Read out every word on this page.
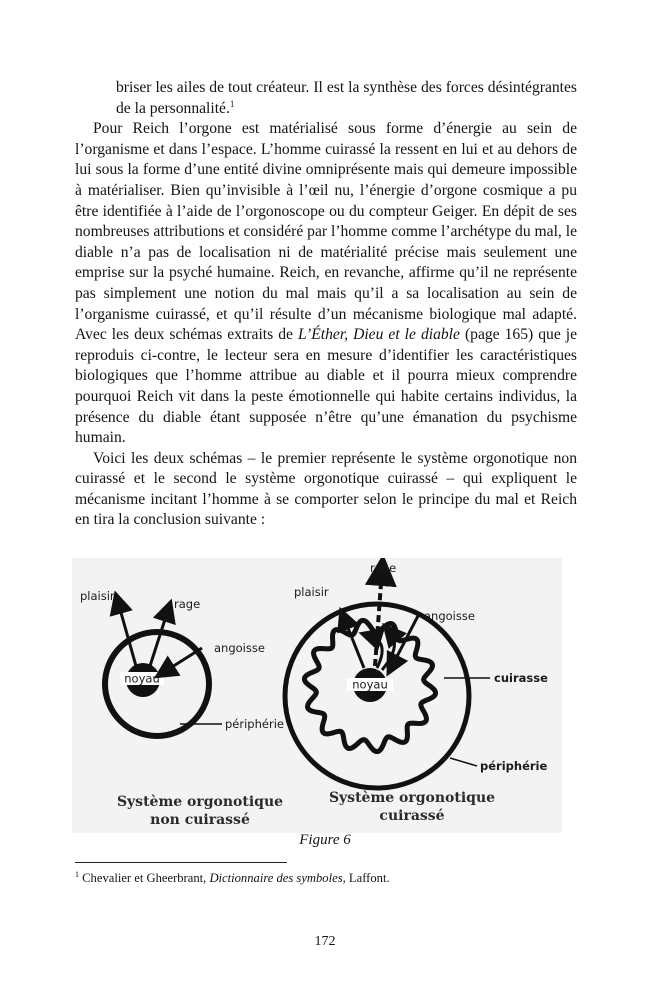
briser les ailes de tout créateur. Il est la synthèse des forces désintégrantes de la personnalité.$^1$

Pour Reich l’orgone est matérialisé sous forme d’énergie au sein de l’organisme et dans l’espace. L’homme cuirassé la ressent en lui et au dehors de lui sous la forme d’une entité divine omniprésente mais qui demeure impossible à matérialiser. Bien qu’invisible à l’œil nu, l’énergie d’orgone cosmique a pu être identifiée à l’aide de l’orgonoscope ou du compteur Geiger. En dépit de ses nombreuses attributions et considéré par l’homme comme l’archétype du mal, le diable n’a pas de localisation ni de matérialité précise mais seulement une emprise sur la psyché humaine. Reich, en revanche, affirme qu’il ne représente pas simplement une notion du mal mais qu’il a sa localisation au sein de l’organisme cuirassé, et qu’il résulte d’un mécanisme biologique mal adapté. Avec les deux schémas extraits de L’Éther, Dieu et le diable (page 165) que je reproduis ci-contre, le lecteur sera en mesure d’identifier les caractéristiques biologiques que l’homme attribue au diable et il pourra mieux comprendre pourquoi Reich vit dans la peste émotionnelle qui habite certains individus, la présence du diable étant supposée n’être qu’une émanation du psychisme humain.

Voici les deux schémas – le premier représente le système orgonotique non cuirassé et le second le système orgonotique cuirassé – qui expliquent le mécanisme incitant l’homme à se comporter selon le principe du mal et Reich en tira la conclusion suivante :

noyau
plaisir
rage
angoisse
périphérie
Système orgonotique
non cuirassé
noyau
rage
plaisir
angoisse
cuirasse
périphérie
Système orgonotique
cuirassé
Figure 6
$^1$ Chevalier et Gheerbrant, Dictionnaire des symboles, Laffont.
172
